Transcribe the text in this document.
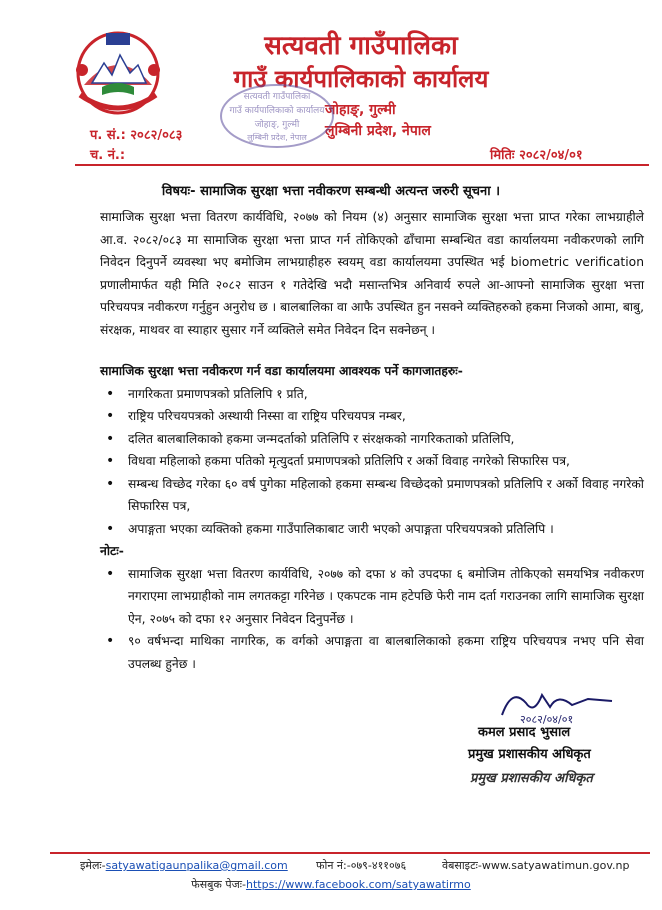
सत्यवती गाउँपालिका
गाउँ कार्यपालिकाको कार्यालय
जोहाङ्, गुल्मी
लुम्बिनी प्रदेश, नेपाल
सत्यवती गाउँपालिका
गाउँ कार्यपालिकाको कार्यालय
जोहाङ्, गुल्मी
लुम्बिनी प्रदेश, नेपाल
प. सं.: २०८२/०८३
च. नं.:	मितिः २०८२/०४/०१
विषयः- सामाजिक सुरक्षा भत्ता नवीकरण सम्बन्धी अत्यन्त जरुरी सूचना ।

सामाजिक सुरक्षा भत्ता वितरण कार्यविधि, २०७७ को नियम (४) अनुसार सामाजिक सुरक्षा भत्ता प्राप्त गरेका लाभग्राहीले आ.व. २०८२/०८३ मा सामाजिक सुरक्षा भत्ता प्राप्त गर्न तोकिएको ढाँचामा सम्बन्धित वडा कार्यालयमा नवीकरणको लागि निवेदन दिनुपर्ने व्यवस्था भए बमोजिम लाभग्राहीहरु स्वयम् वडा कार्यालयमा उपस्थित भई biometric verification प्रणालीमार्फत यही मिति २०८२ साउन १ गतेदेखि भदौ मसान्तभित्र अनिवार्य रुपले आ-आफ्नो सामाजिक सुरक्षा भत्ता परिचयपत्र नवीकरण गर्नुहुन अनुरोध छ । बालबालिका वा आफै उपस्थित हुन नसक्ने व्यक्तिहरुको हकमा निजको आमा, बाबु, संरक्षक, माथवर वा स्याहार सुसार गर्ने व्यक्तिले समेत निवेदन दिन सक्नेछन् ।

सामाजिक सुरक्षा भत्ता नवीकरण गर्न वडा कार्यालयमा आवश्यक पर्ने कागजातहरुः-

• नागरिकता प्रमाणपत्रको प्रतिलिपि १ प्रति,
• राष्ट्रिय परिचयपत्रको अस्थायी निस्सा वा राष्ट्रिय परिचयपत्र नम्बर,
• दलित बालबालिकाको हकमा जन्मदर्ताको प्रतिलिपि र संरक्षकको नागरिकताको प्रतिलिपि,
• विधवा महिलाको हकमा पतिको मृत्युदर्ता प्रमाणपत्रको प्रतिलिपि र अर्को विवाह नगरेको सिफारिस पत्र,
• सम्बन्ध विच्छेद गरेका ६० वर्ष पुगेका महिलाको हकमा सम्बन्ध विच्छेदको प्रमाणपत्रको प्रतिलिपि र अर्को विवाह नगरेको सिफारिस पत्र,
• अपाङ्गता भएका व्यक्तिको हकमा गाउँपालिकाबाट जारी भएको अपाङ्गता परिचयपत्रको प्रतिलिपि ।

नोटः-

• सामाजिक सुरक्षा भत्ता वितरण कार्यविधि, २०७७ को दफा ४ को उपदफा ६ बमोजिम तोकिएको समयभित्र नवीकरण नगराएमा लाभग्राहीको नाम लगतकट्टा गरिनेछ । एकपटक नाम हटेपछि फेरी नाम दर्ता गराउनका लागि सामाजिक सुरक्षा ऐन, २०७५ को दफा १२ अनुसार निवेदन दिनुपर्नेछ ।
• ९० वर्षभन्दा माथिका नागरिक, क वर्गको अपाङ्गता वा बालबालिकाको हकमा राष्ट्रिय परिचयपत्र नभए पनि सेवा उपलब्ध हुनेछ ।
२०८२/०४/०१
कमल प्रसाद भुसाल
प्रमुख प्रशासकीय अधिकृत
प्रमुख प्रशासकीय अधिकृत
इमेलः-satyawatigaunpalika@gmail.com	फोन नं:-०७९-४११०७६	वेबसाइटः-www.satyawatimun.gov.np
फेसबुक पेजः-https://www.facebook.com/satyawatirmo
